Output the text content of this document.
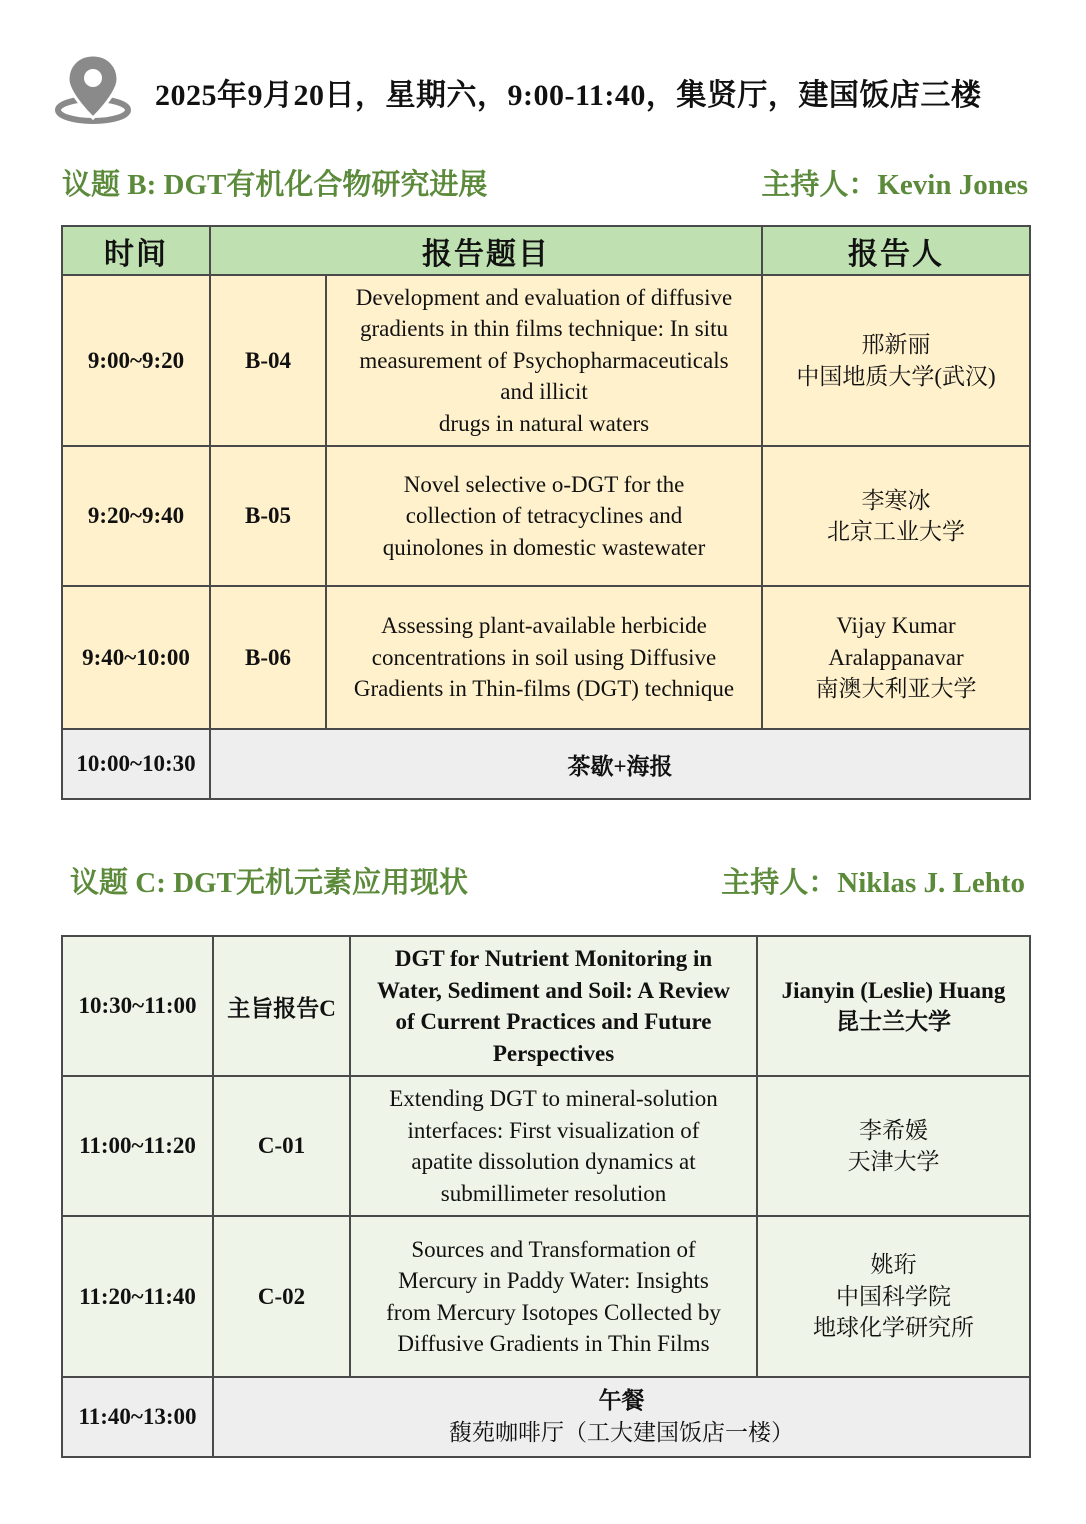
2025年9月20日，星期六，9:00-11:40，集贤厅，建国饭店三楼
议题 B: DGT有机化合物研究进展	主持人：Kevin Jones
时间	报告题目		报告人
9:00~9:20	B-04	Development and evaluation of diffusive
gradients in thin films technique: In situ
measurement of Psychopharmaceuticals
and illicit
drugs in natural waters	邢新丽
中国地质大学(武汉)

9:20~9:40	B-05	Novel selective o-DGT for the
collection of tetracyclines and
quinolones in domestic wastewater	李寒冰
北京工业大学

9:40~10:00	B-06	Assessing plant-available herbicide
concentrations in soil using Diffusive
Gradients in Thin-films (DGT) technique	Vijay Kumar
Aralappanavar
南澳大利亚大学

10:00~10:30	茶歇+海报		
议题 C: DGT无机元素应用现状	主持人：Niklas J. Lehto
10:30~11:00	主旨报告C	DGT for Nutrient Monitoring in
Water, Sediment and Soil: A Review
of Current Practices and Future
Perspectives	Jianyin (Leslie) Huang
昆士兰大学

11:00~11:20	C-01	Extending DGT to mineral-solution
interfaces: First visualization of
apatite dissolution dynamics at
submillimeter resolution	李希媛
天津大学

11:20~11:40	C-02	Sources and Transformation of
Mercury in Paddy Water: Insights
from Mercury Isotopes Collected by
Diffusive Gradients in Thin Films	姚珩
中国科学院
地球化学研究所

11:40~13:00	午餐
馥苑咖啡厅（工大建国饭店一楼）		
